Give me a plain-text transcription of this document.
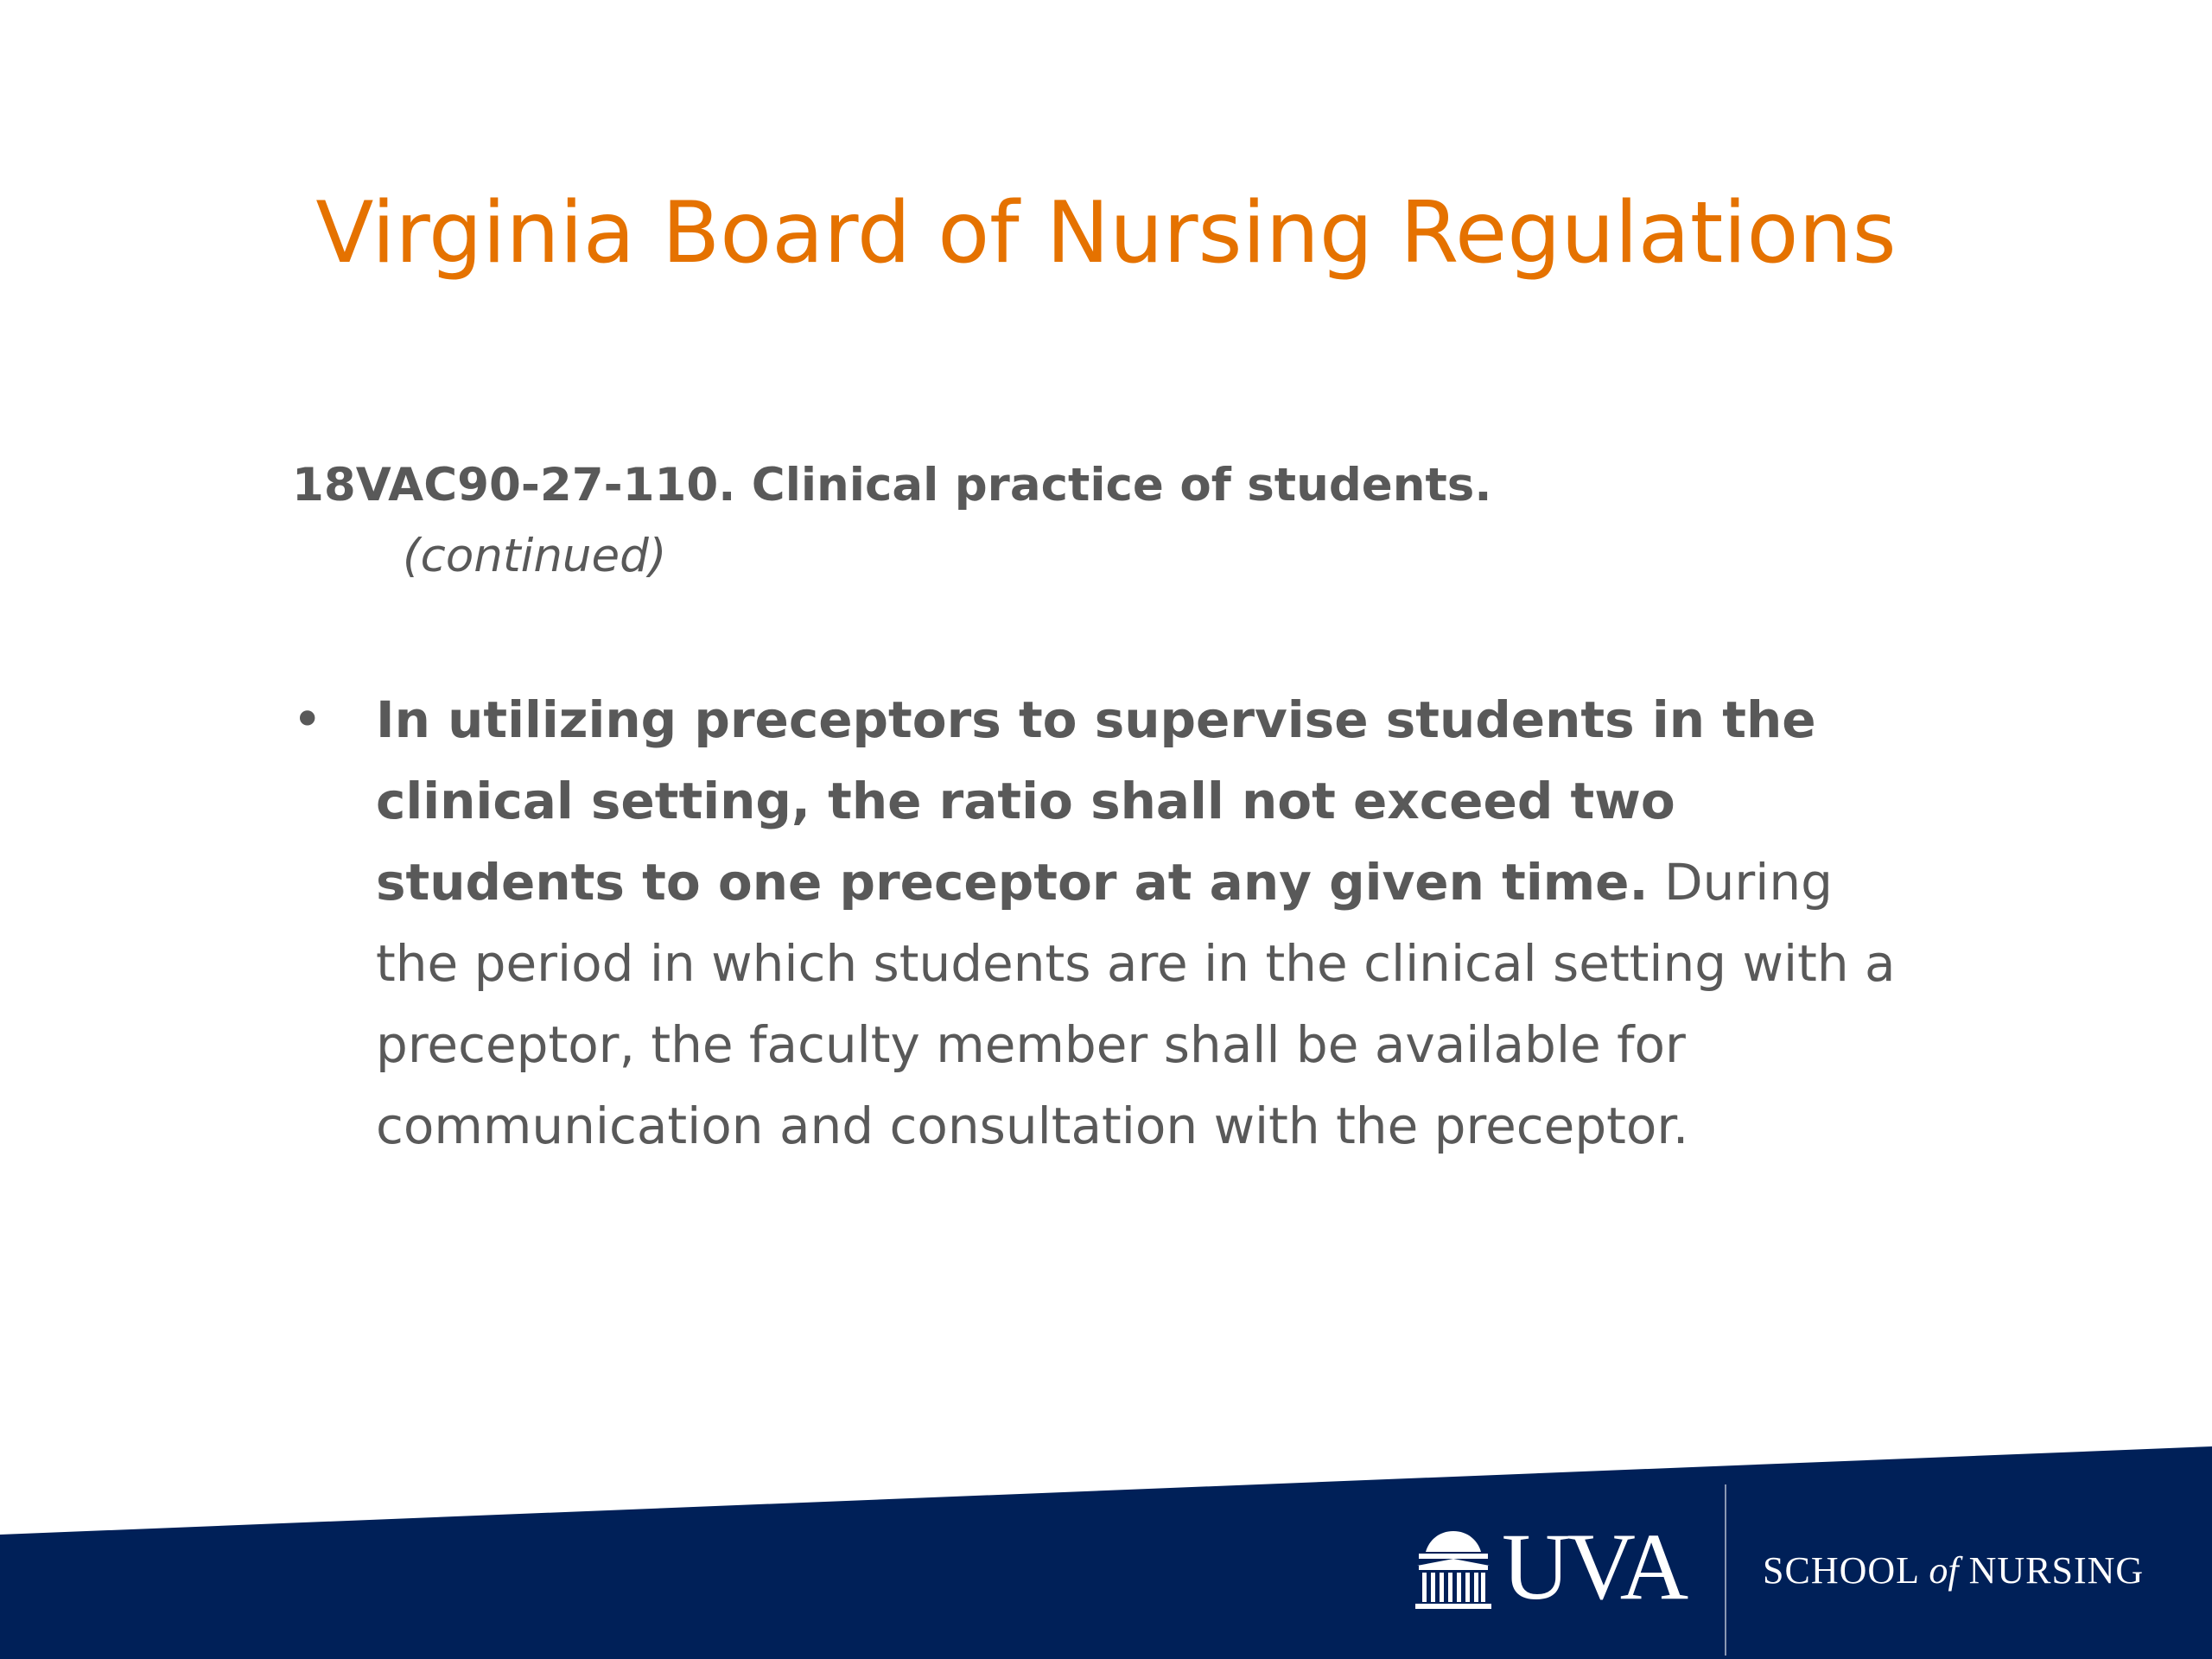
Virginia Board of Nursing Regulations
18VAC90-27-110. Clinical practice of students.
(continued)
• In utilizing preceptors to supervise students in the clinical setting, the ratio shall not exceed two students to one preceptor at any given time. During the period in which students are in the clinical setting with a preceptor, the faculty member shall be available for communication and consultation with the preceptor.
8
UVA SCHOOL of NURSING
